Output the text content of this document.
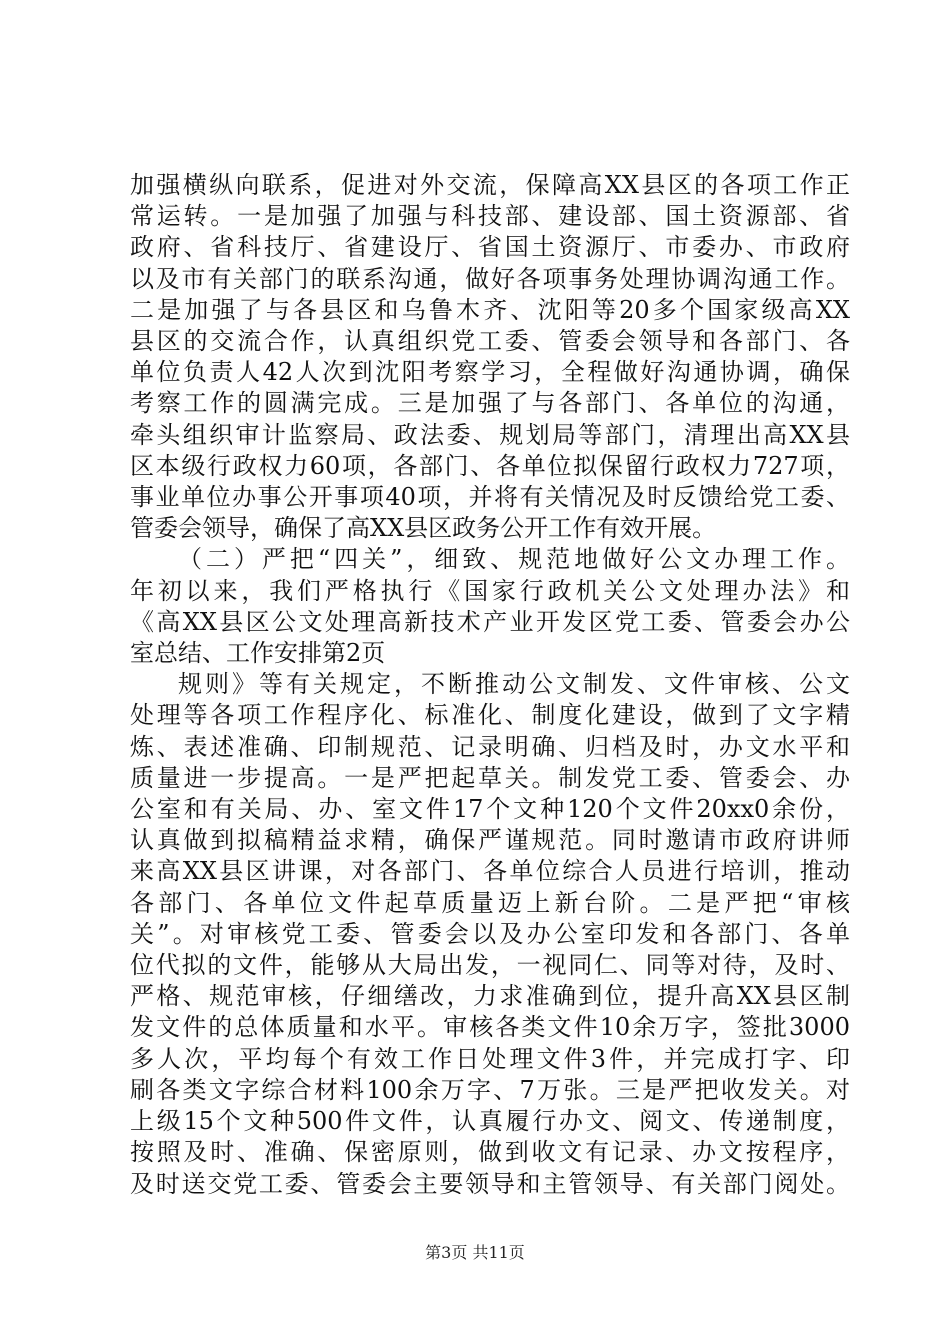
加强横纵向联系，促进对外交流，保障高XX县区的各项工作正
常运转。一是加强了加强与科技部、建设部、国土资源部、省
政府、省科技厅、省建设厅、省国土资源厅、市委办、市政府
以及市有关部门的联系沟通，做好各项事务处理协调沟通工作。
二是加强了与各县区和乌鲁木齐、沈阳等20多个国家级高XX
县区的交流合作，认真组织党工委、管委会领导和各部门、各
单位负责人42人次到沈阳考察学习，全程做好沟通协调，确保
考察工作的圆满完成。三是加强了与各部门、各单位的沟通，
牵头组织审计监察局、政法委、规划局等部门，清理出高XX县
区本级行政权力60项，各部门、各单位拟保留行政权力727项，
事业单位办事公开事项40项，并将有关情况及时反馈给党工委、
管委会领导，确保了高XX县区政务公开工作有效开展。
（二）严把“四关”，细致、规范地做好公文办理工作。
年初以来，我们严格执行《国家行政机关公文处理办法》和
《高XX县区公文处理高新技术产业开发区党工委、管委会办公
室总结、工作安排第2页
规则》等有关规定，不断推动公文制发、文件审核、公文
处理等各项工作程序化、标准化、制度化建设，做到了文字精
炼、表述准确、印制规范、记录明确、归档及时，办文水平和
质量进一步提高。一是严把起草关。制发党工委、管委会、办
公室和有关局、办、室文件17个文种120个文件20xx0余份，
认真做到拟稿精益求精，确保严谨规范。同时邀请市政府讲师
来高XX县区讲课，对各部门、各单位综合人员进行培训，推动
各部门、各单位文件起草质量迈上新台阶。二是严把“审核
关”。对审核党工委、管委会以及办公室印发和各部门、各单
位代拟的文件，能够从大局出发，一视同仁、同等对待，及时、
严格、规范审核，仔细缮改，力求准确到位，提升高XX县区制
发文件的总体质量和水平。审核各类文件10余万字，签批3000
多人次，平均每个有效工作日处理文件3件，并完成打字、印
刷各类文字综合材料100余万字、7万张。三是严把收发关。对
上级15个文种500件文件，认真履行办文、阅文、传递制度，
按照及时、准确、保密原则，做到收文有记录、办文按程序，
及时送交党工委、管委会主要领导和主管领导、有关部门阅处。
第3页 共11页
